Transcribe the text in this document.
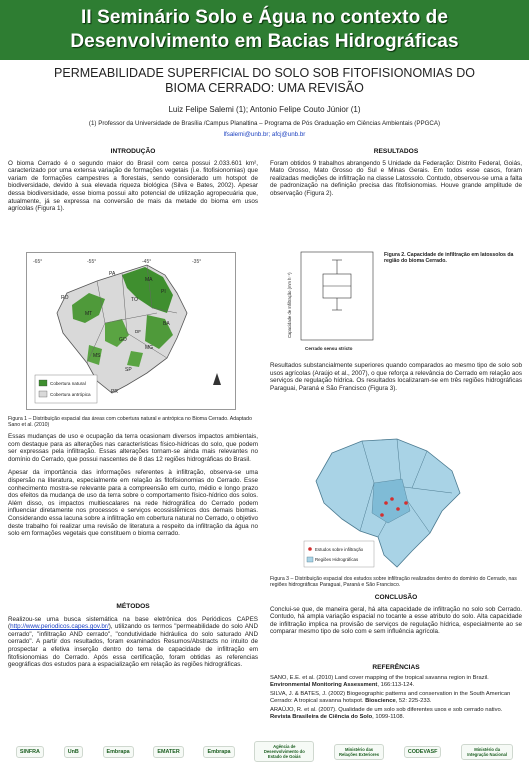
II Seminário Solo e Água no contexto de
Desenvolvimento em Bacias Hidrográficas
PERMEABILIDADE SUPERFICIAL DO SOLO SOB FITOFISIONOMIAS DO
BIOMA CERRADO: UMA REVISÃO
Luiz Felipe Salemi (1); Antonio Felipe Couto Júnior (1)
(1) Professor da Universidade de Brasília /Campus Planaltina – Programa de Pós Graduação em Ciências Ambientais (PPGCA)
lfsalemi@unb.br; afcj@unb.br
INTRODUÇÃO

O bioma Cerrado é o segundo maior do Brasil com cerca possui 2.033.601 km², caracterizado por uma extensa variação de formações vegetais (i.e. fitofisionomias) que variam de formações campestres a florestais, sendo considerado um hotspot de biodiversidade, devido à sua elevada riqueza biológica (Silva e Bates, 2002). Apesar dessa biodiversidade, esse bioma possui alto potencial de utilização agropecuária que, atualmente, já se expressa na conversão de mais da metade do bioma em usos agrícolas (Figura 1).

-65°	-55°	-45°	-35°
MT
GO
BA
MG
MS
SP
PI
MA
TO
DF
PR
RO
PA
Cobertura natural
Cobertura antrópica
Figura 1 – Distribuição espacial das áreas com cobertura natural e antrópica no Bioma Cerrado. Adaptado Sano et al. (2010)

Essas mudanças de uso e ocupação da terra ocasionam diversos impactos ambientais, com destaque para as alterações nas características físico-hídricas do solo, que podem ser expressas pela infiltração. Essas alterações tornam-se ainda mais relevantes no domínio do Cerrado, que possui nascentes de 8 das 12 regiões hidrográficas do Brasil.

Apesar da importância das informações referentes à infiltração, observa-se uma dispersão na literatura, especialmente em relação às fitofisionomias do Cerrado. Esse conhecimento mostra-se relevante para a compreensão em curto, médio e longo prazo dos efeitos da mudança de uso da terra sobre o comportamento físico-hídrico dos solos. Além disso, os impactos multiescalares na rede hidrográfica do Cerrado podem influenciar diretamente nos processos e serviços ecossistêmicos dos demais biomas. Considerando essa lacuna sobre a infiltração em cobertura natural no Cerrado, o objetivo deste trabalho foi realizar uma revisão de literatura a respeito da infiltração da água no solo em formações vegetais que constituem o bioma cerrado.

MÉTODOS

Realizou-se uma busca sistemática na base eletrônica dos Periódicos CAPES (http://www.periodicos.capes.gov.br/), utilizando os termos "permeabilidade do solo AND cerrado", "infiltração AND cerrado", "condutividade hidráulica do solo saturado AND cerrado". A partir dos resultados, foram examinados Resumos/Abstracts no intuito de prospectar a efetiva inserção dentro do tema de capacidade de infiltração em fitofisionomias do Cerrado. Após essa certificação, foram obtidas as referencias geográficas dos estudos para a espacialização em relação às regiões hidrográficas.

RESULTADOS

Foram obtidos 9 trabalhos abrangendo 5 Unidade da Federação: Distrito Federal, Goiás, Mato Grosso, Mato Grosso do Sul e Minas Gerais. Em todos esse casos, foram realizadas medições de infiltração na classe Latossolo. Contudo, observou-se uma a falta de padronização na definição precisa das fitofisionomias. Houve grande amplitude de observação (Figura 2).

Capacidade de Infiltração (mm h⁻¹)
Cerrado sensu stricto
Figura 2. Capacidade de infiltração em latossolos da região do bioma Cerrado.
Resultados substancialmente superiores quando comparados ao mesmo tipo de solo sob usos agrícolas (Araújo et al., 2007), o que reforça a relevância do Cerrado em relação aos serviços de regulação hídrica. Os resultados localizaram-se em três regiões hidrográficas Paraguai, Paraná e São Francisco (Figura 3).
Estudos sobre infiltração
Regiões Hidrográficas
Figura 3 – Distribuição espacial dos estudos sobre infiltração realizados dentro do domínio do Cerrado, nas regiões hidrográficas Paraguai, Paraná e São Francisco.
CONCLUSÃO

Conclui-se que, de maneira geral, há alta capacidade de infiltração no solo sob Cerrado. Contudo, há ampla variação espacial no tocante a esse atributo do solo. Alta capacidade de infiltração implica na provisão de serviços de regulação hídrica, especialmente ao se comparar mesmo tipo de solo com e sem influência agrícola.

REFERÊNCIAS

SANO, E.E. et al. (2010) Land cover mapping of the tropical savanna region in Brazil. Environmental Monitoring Assessment, 166:113-124.

SILVA, J. & BATES, J. (2002) Biogeographic patterns and conservation in the South American Cerrado: A tropical savanna hotspot. Bioscience, 52: 225-233.

ARAÚJO, R. et al. (2007). Qualidade de um solo sob diferentes usos e sob cerrado nativo. Revista Brasileira de Ciência do Solo, 1099-1108.

SINFRA	UnB	Embrapa	EMATER	Embrapa
Agência de Desenvolvimento do Estado de Goiás
Ministério das Relações Exteriores	CODEVASF	Ministério da Integração Nacional
